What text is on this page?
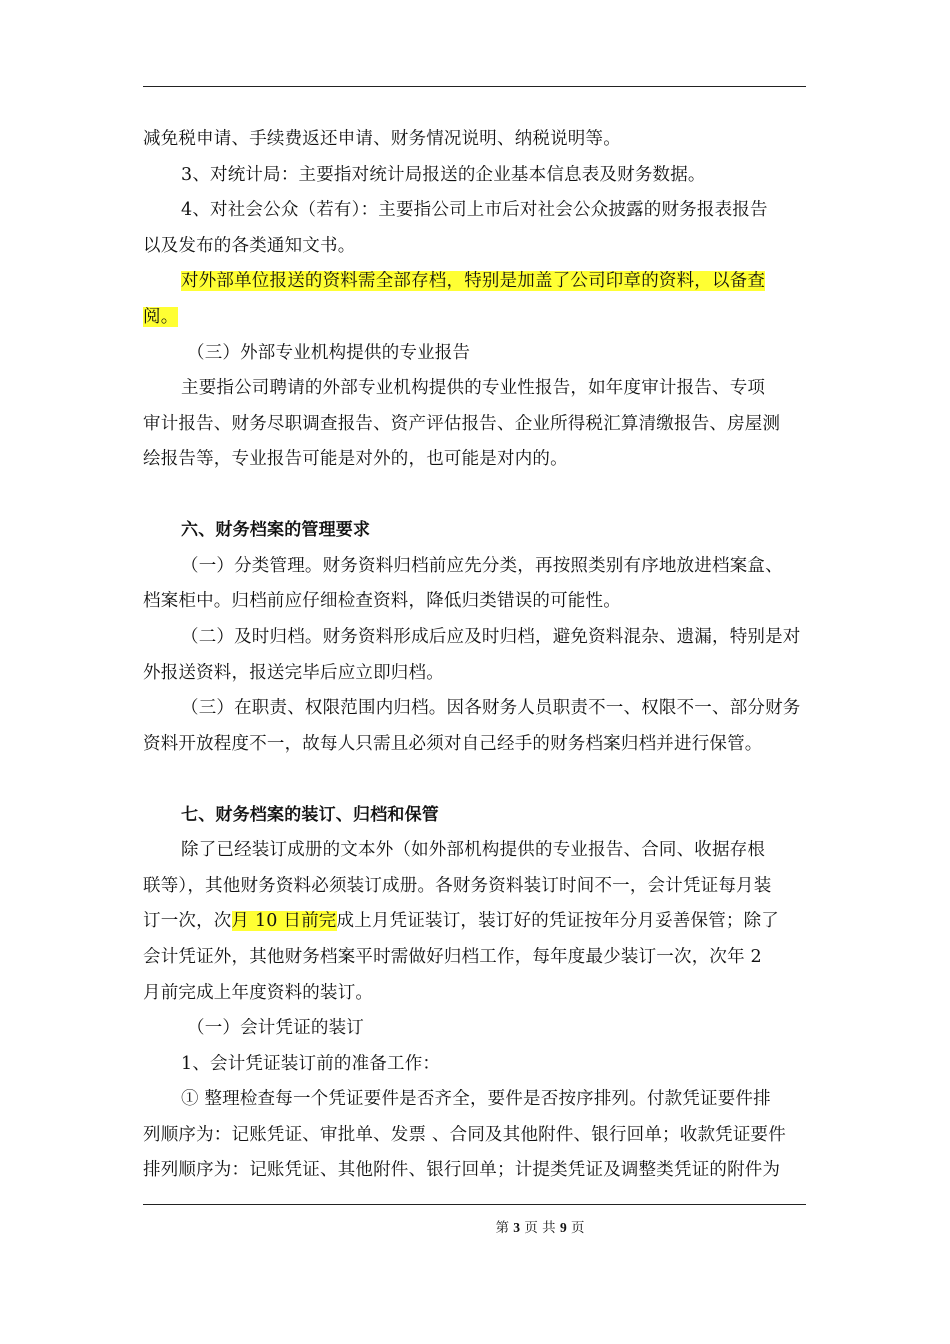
减免税申请、手续费返还申请、财务情况说明、纳税说明等。
3、对统计局：主要指对统计局报送的企业基本信息表及财务数据。
4、对社会公众（若有）：主要指公司上市后对社会公众披露的财务报表报告
以及发布的各类通知文书。
对外部单位报送的资料需全部存档，特别是加盖了公司印章的资料，以备查
阅。
（三）外部专业机构提供的专业报告
主要指公司聘请的外部专业机构提供的专业性报告，如年度审计报告、专项
审计报告、财务尽职调查报告、资产评估报告、企业所得税汇算清缴报告、房屋测
绘报告等，专业报告可能是对外的，也可能是对内的。
六、财务档案的管理要求
（一）分类管理。财务资料归档前应先分类，再按照类别有序地放进档案盒、
档案柜中。归档前应仔细检查资料，降低归类错误的可能性。
（二）及时归档。财务资料形成后应及时归档，避免资料混杂、遗漏，特别是对
外报送资料，报送完毕后应立即归档。
（三）在职责、权限范围内归档。因各财务人员职责不一、权限不一、部分财务
资料开放程度不一，故每人只需且必须对自己经手的财务档案归档并进行保管。
七、财务档案的装订、归档和保管
除了已经装订成册的文本外（如外部机构提供的专业报告、合同、收据存根
联等），其他财务资料必须装订成册。各财务资料装订时间不一，会计凭证每月装
订一次，次月 10 日前完成上月凭证装订，装订好的凭证按年分月妥善保管；除了
会计凭证外，其他财务档案平时需做好归档工作，每年度最少装订一次，次年 2
月前完成上年度资料的装订。
（一）会计凭证的装订
1、会计凭证装订前的准备工作：
① 整理检查每一个凭证要件是否齐全，要件是否按序排列。付款凭证要件排
列顺序为：记账凭证、审批单、发票 、合同及其他附件、银行回单；收款凭证要件
排列顺序为：记账凭证、其他附件、银行回单；计提类凭证及调整类凭证的附件为
第 3 页 共 9 页
